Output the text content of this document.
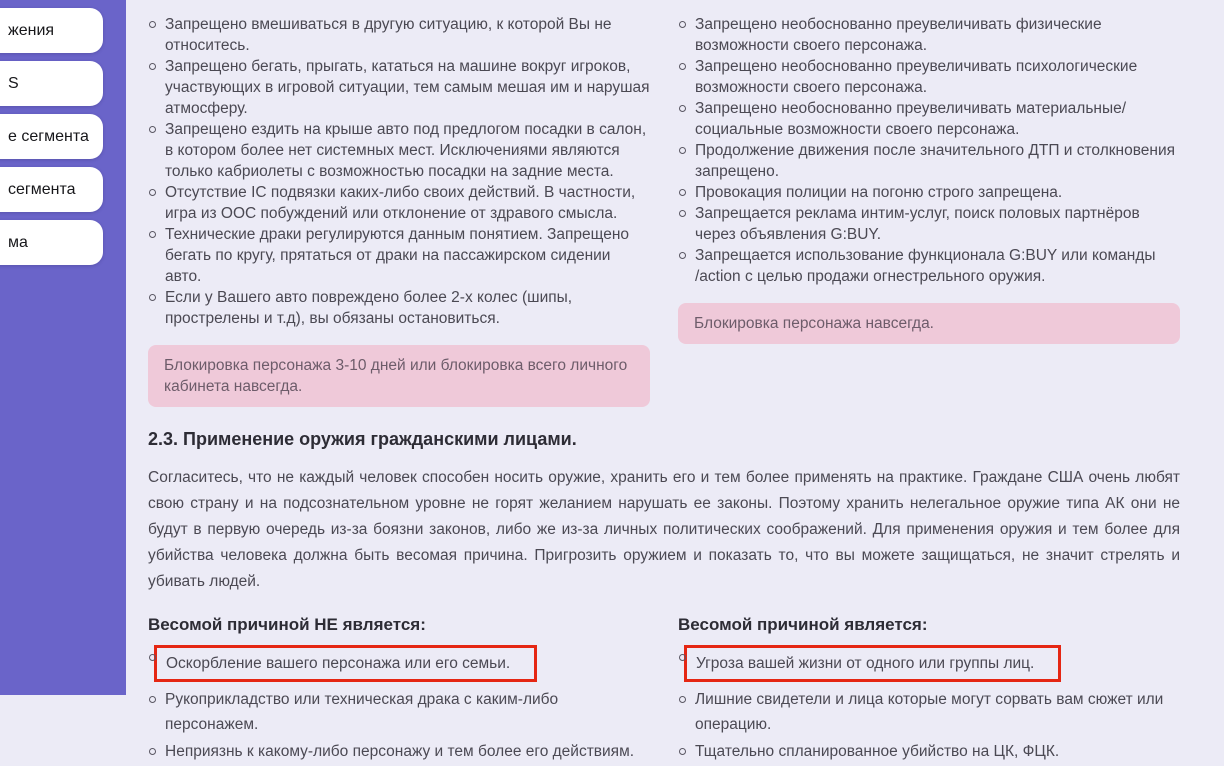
жения
S
е сегмента
сегмента
ма
Запрещено вмешиваться в другую ситуацию, к которой Вы не относитесь.
Запрещено бегать, прыгать, кататься на машине вокруг игроков, участвующих в игровой ситуации, тем самым мешая им и нарушая атмосферу.
Запрещено ездить на крыше авто под предлогом посадки в салон, в котором более нет системных мест. Исключениями являются только кабриолеты с возможностью посадки на задние места.
Отсутствие IC подвязки каких-либо своих действий. В частности, игра из ООС побуждений или отклонение от здравого смысла.
Технические драки регулируются данным понятием. Запрещено бегать по кругу, прятаться от драки на пассажирском сидении авто.
Если у Вашего авто повреждено более 2-х колес (шипы, прострелены и т.д), вы обязаны остановиться.
Блокировка персонажа 3-10 дней или блокировка всего личного кабинета навсегда.
Запрещено необоснованно преувеличивать физические возможности своего персонажа.
Запрещено необоснованно преувеличивать психологические возможности своего персонажа.
Запрещено необоснованно преувеличивать материальные/социальные возможности своего персонажа.
Продолжение движения после значительного ДТП и столкновения запрещено.
Провокация полиции на погоню строго запрещена.
Запрещается реклама интим-услуг, поиск половых партнёров через объявления G:BUY.
Запрещается использование функционала G:BUY или команды /action с целью продажи огнестрельного оружия.
Блокировка персонажа навсегда.
2.3. Применение оружия гражданскими лицами.

Согласитесь, что не каждый человек способен носить оружие, хранить его и тем более применять на практике. Граждане США очень любят свою страну и на подсознательном уровне не горят желанием нарушать ее законы. Поэтому хранить нелегальное оружие типа АК они не будут в первую очередь из-за боязни законов, либо же из-за личных политических соображений. Для применения оружия и тем более для убийства человека должна быть весомая причина. Пригрозить оружием и показать то, что вы можете защищаться, не значит стрелять и убивать людей.

Весомой причиной НЕ является:
Оскорбление вашего персонажа или его семьи.
Рукоприкладство или техническая драка с каким-либо персонажем.
Неприязнь к какому-либо персонажу и тем более его действиям.
Весомой причиной является:
Угроза вашей жизни от одного или группы лиц.
Лишние свидетели и лица которые могут сорвать вам сюжет или операцию.
Тщательно спланированное убийство на ЦК, ФЦК.
